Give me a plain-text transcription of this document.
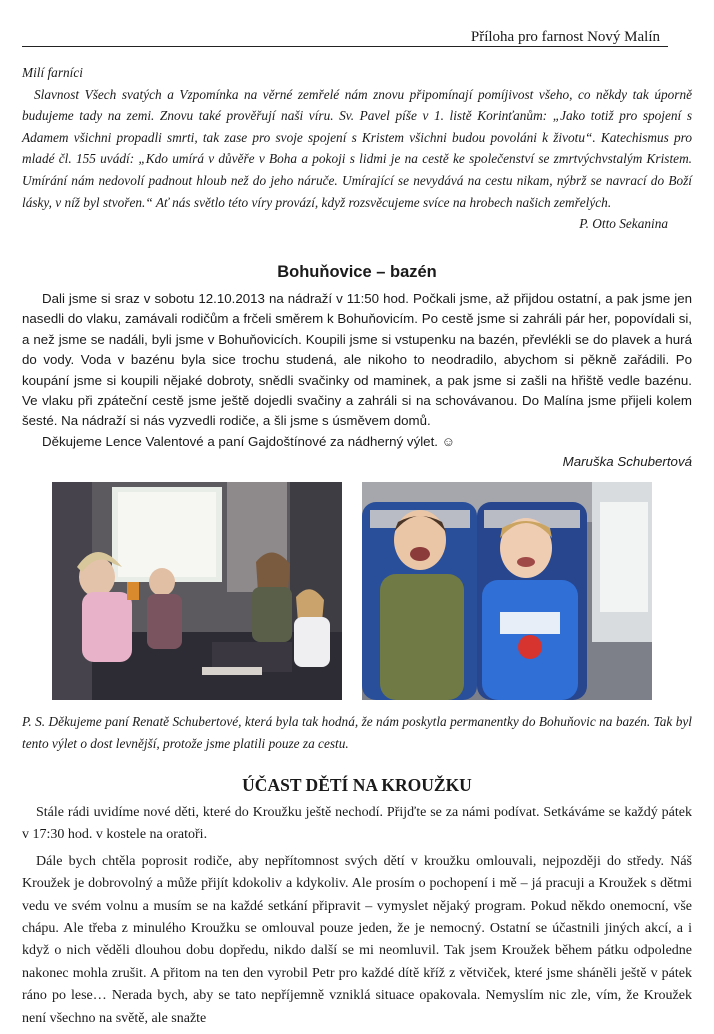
Příloha pro farnost Nový Malín

Milí farníci

Slavnost Všech svatých a Vzpomínka na věrné zemřelé nám znovu připomínají pomíjivost všeho, co někdy tak úporně budujeme tady na zemi. Znovu také prověřují naši víru. Sv. Pavel píše v 1. listě Korinťanům: „Jako totiž pro spojení s Adamem všichni propadli smrti, tak zase pro svoje spojení s Kristem všichni budou povoláni k životu“. Katechismus pro mladé čl. 155 uvádí: „Kdo umírá v důvěře v Boha a pokoji s lidmi je na cestě ke společenství se zmrtvýchvstalým Kristem. Umírání nám nedovolí padnout hloub než do jeho náruče. Umírající se nevydává na cestu nikam, nýbrž se navrací do Boží lásky, v níž byl stvořen.“ Ať nás světlo této víry provází, když rozsvěcujeme svíce na hrobech našich zemřelých.

P. Otto Sekanina

Bohuňovice – bazén

Dali jsme si sraz v sobotu 12.10.2013 na nádraží v 11:50 hod. Počkali jsme, až přijdou ostatní, a pak jsme jen nasedli do vlaku, zamávali rodičům a frčeli směrem k Bohuňovicím. Po cestě jsme si zahráli pár her, popovídali si, a než jsme se nadáli, byli jsme v Bohuňovicích. Koupili jsme si vstupenku na bazén, převlékli se do plavek a hurá do vody. Voda v bazénu byla sice trochu studená, ale nikoho to neodradilo, abychom si pěkně zařádili. Po koupání jsme si koupili nějaké dobroty, snědli svačinky od maminek, a pak jsme si zašli na hřiště vedle bazénu. Ve vlaku při zpáteční cestě jsme ještě dojedli svačiny a zahráli si na schovávanou. Do Malína jsme přijeli kolem šesté. Na nádraží si nás vyzvedli rodiče, a šli jsme s úsměvem domů.

Děkujeme Lence Valentové a paní Gajdoštínové za nádherný výlet. ☺

Maruška Schubertová

P. S. Děkujeme paní Renatě Schubertové, která byla tak hodná, že nám poskytla permanentky do Bohuňovic na bazén. Tak byl tento výlet o dost levnější, protože jsme platili pouze za cestu.

ÚČAST DĚTÍ NA KROUŽKU

Stále rádi uvidíme nové děti, které do Kroužku ještě nechodí. Přijďte se za námi podívat. Setkáváme se každý pátek v 17:30 hod. v kostele na oratoři.

Dále bych chtěla poprosit rodiče, aby nepřítomnost svých dětí v kroužku omlouvali, nejpozději do středy. Náš Kroužek je dobrovolný a může přijít kdokoliv a kdykoliv. Ale prosím o pochopení i mě – já pracuji a Kroužek s dětmi vedu ve svém volnu a musím se na každé setkání připravit – vymyslet nějaký program. Pokud někdo onemocní, vše chápu. Ale třeba z minulého Kroužku se omlouval pouze jeden, že je nemocný. Ostatní se účastnili jiných akcí, a i když o nich věděli dlouhou dobu dopředu, nikdo další se mi neomluvil. Tak jsem Kroužek během pátku odpoledne nakonec mohla zrušit. A přitom na ten den vyrobil Petr pro každé dítě kříž z větviček, které jsme sháněli ještě v pátek ráno po lese… Nerada bych, aby se tato nepříjemně vzniklá situace opakovala. Nemyslím nic zle, vím, že Kroužek není všechno na světě, ale snažte
